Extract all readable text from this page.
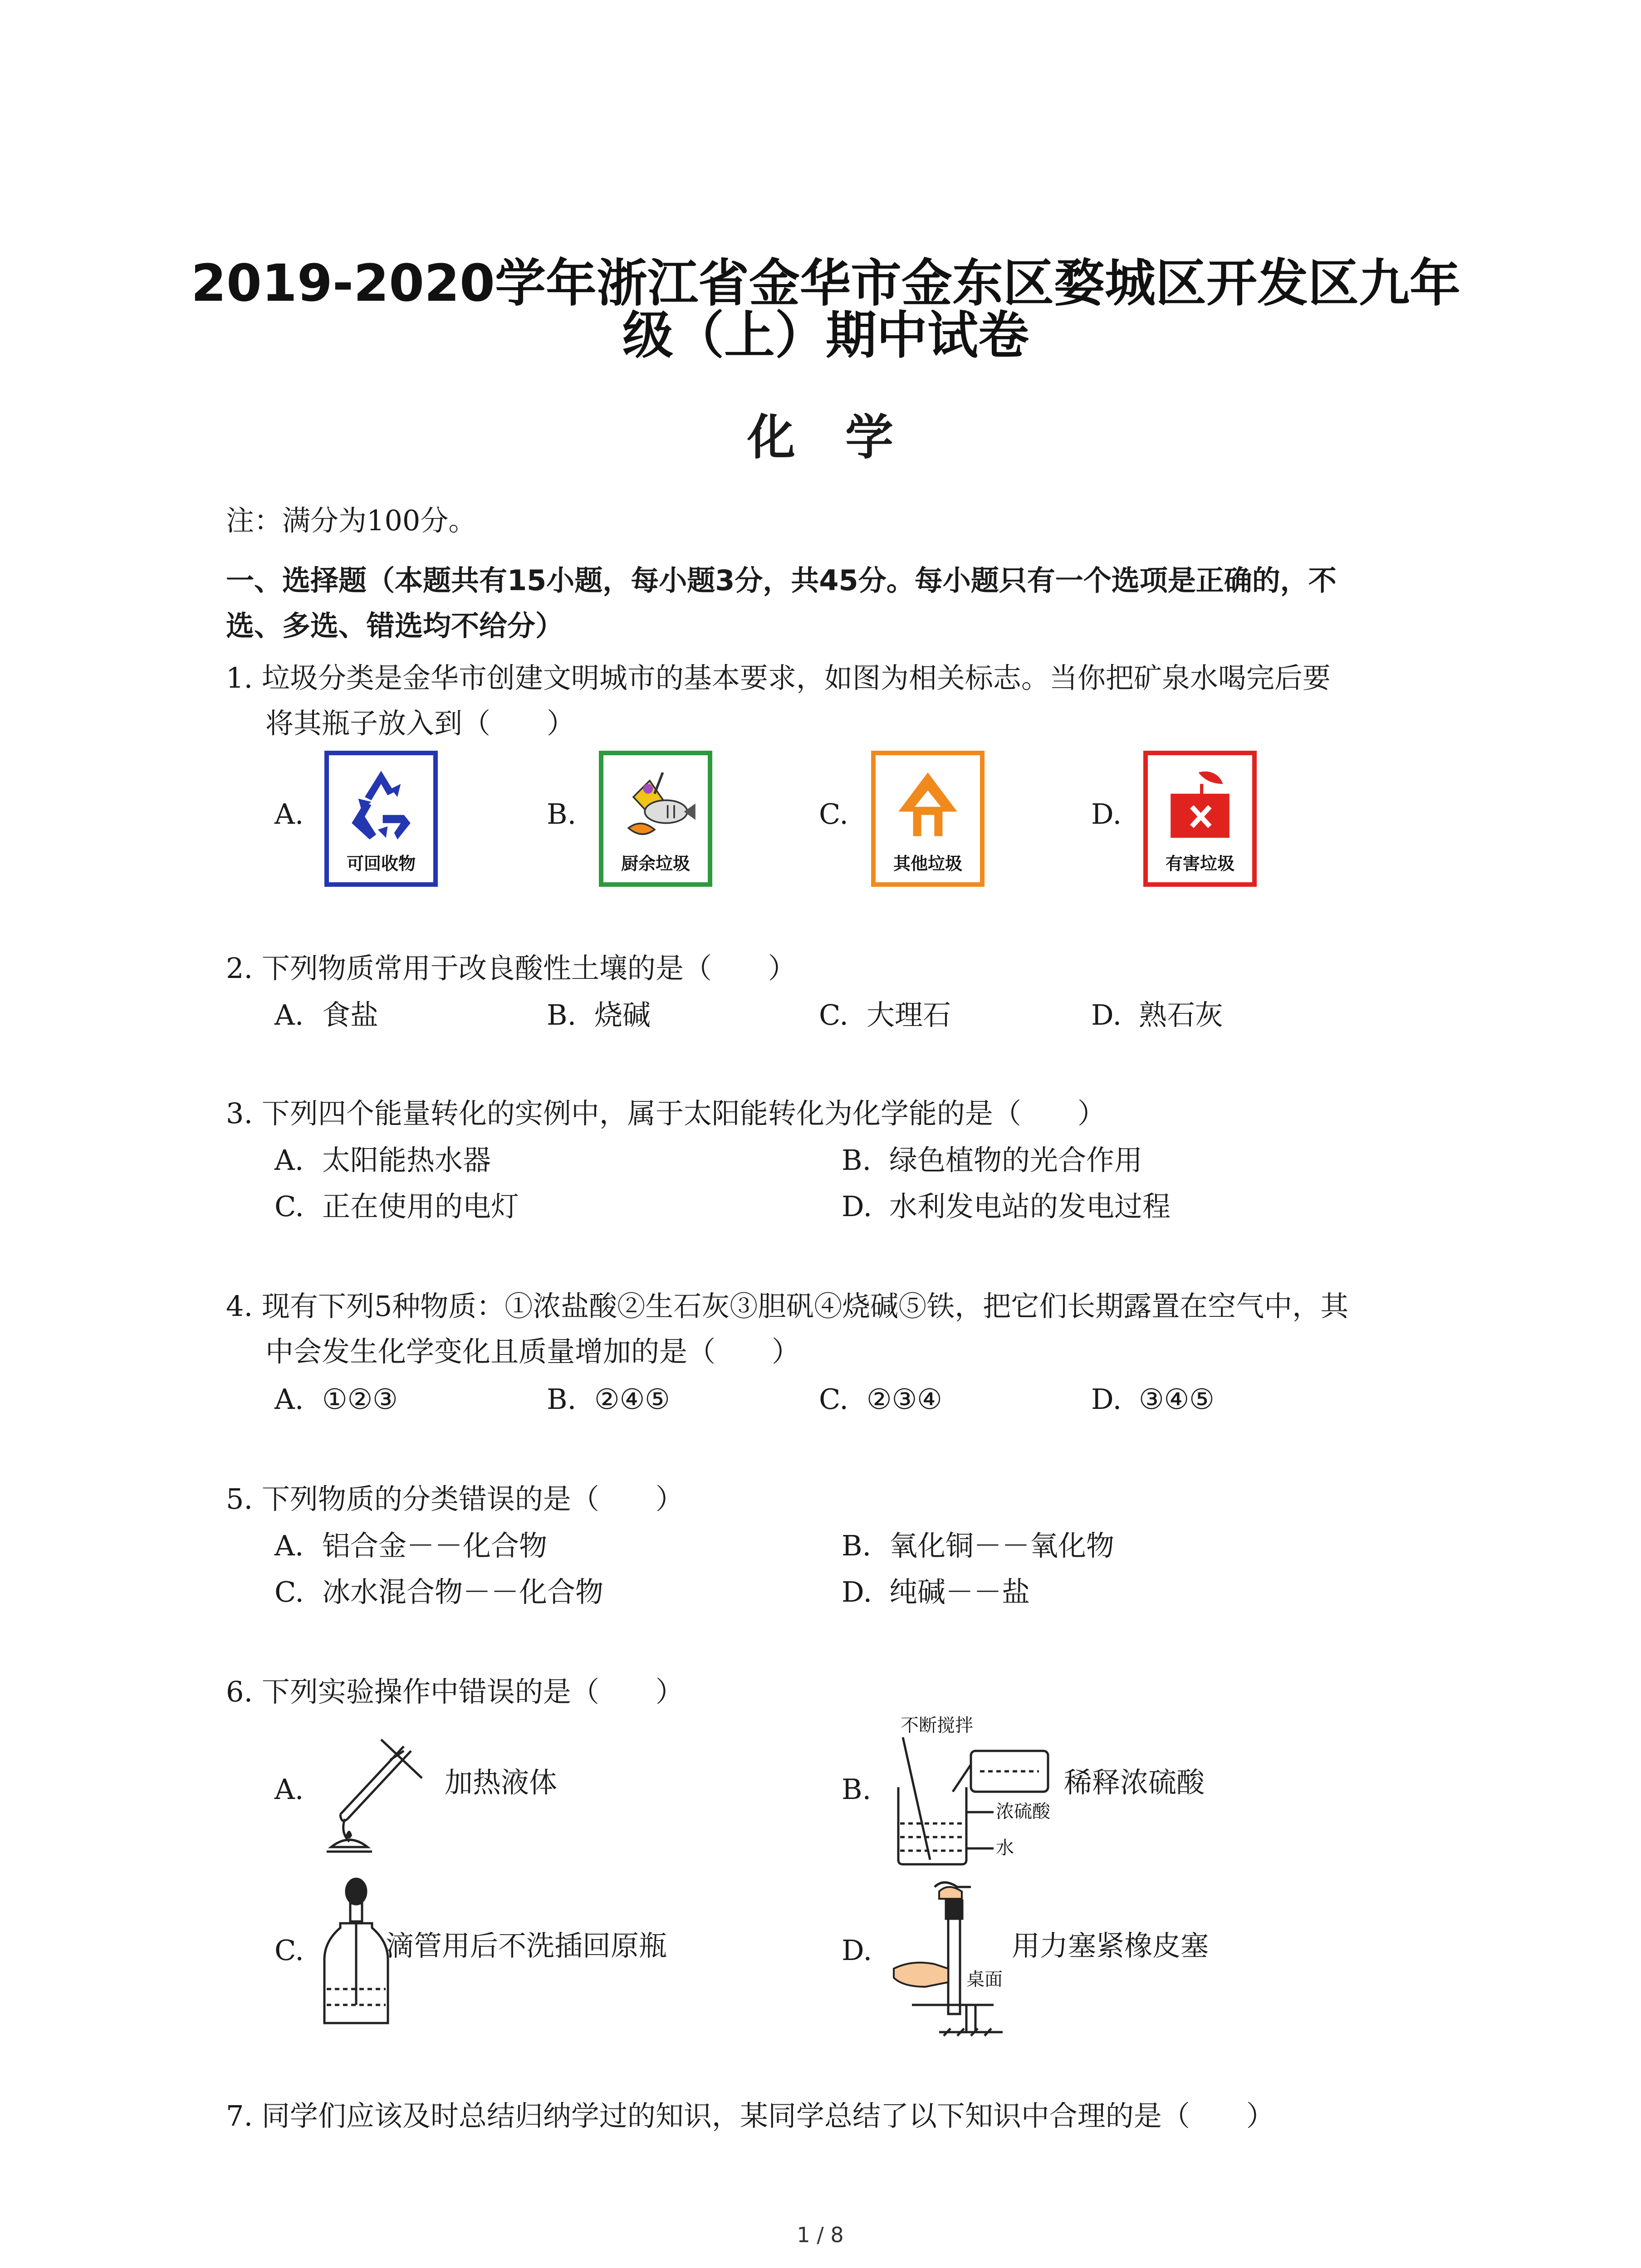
2019-2020学年浙江省金华市金东区婺城区开发区九年
级（上）期中试卷
化学
注：满分为100分。
一、选择题（本题共有15小题，每小题3分，共45分。每小题只有一个选项是正确的，不
选、多选、错选均不给分）
1. 垃圾分类是金华市创建文明城市的基本要求，如图为相关标志。当你把矿泉水喝完后要
将其瓶子放入到（　　）
A.
可回收物
B.
厨余垃圾
C.
其他垃圾
D.
有害垃圾
2. 下列物质常用于改良酸性土壤的是（　　）
A. 食盐	B. 烧碱	C. 大理石	D. 熟石灰
3. 下列四个能量转化的实例中，属于太阳能转化为化学能的是（　　）
A. 太阳能热水器	B. 绿色植物的光合作用
C. 正在使用的电灯	D. 水利发电站的发电过程
4. 现有下列5种物质：①浓盐酸②生石灰③胆矾④烧碱⑤铁，把它们长期露置在空气中，其
中会发生化学变化且质量增加的是（　　）
A. ①②③	B. ②④⑤	C. ②③④	D. ③④⑤
5. 下列物质的分类错误的是（　　）
A. 铝合金－－化合物	B. 氧化铜－－氧化物
C. 冰水混合物－－化合物	D. 纯碱－－盐
6. 下列实验操作中错误的是（　　）
A.	加热液体	B.
不断搅拌
浓硫酸
水
稀释浓硫酸
C.	滴管用后不洗插回原瓶	D.
桌面
用力塞紧橡皮塞
7. 同学们应该及时总结归纳学过的知识，某同学总结了以下知识中合理的是（　　）
1 / 8
